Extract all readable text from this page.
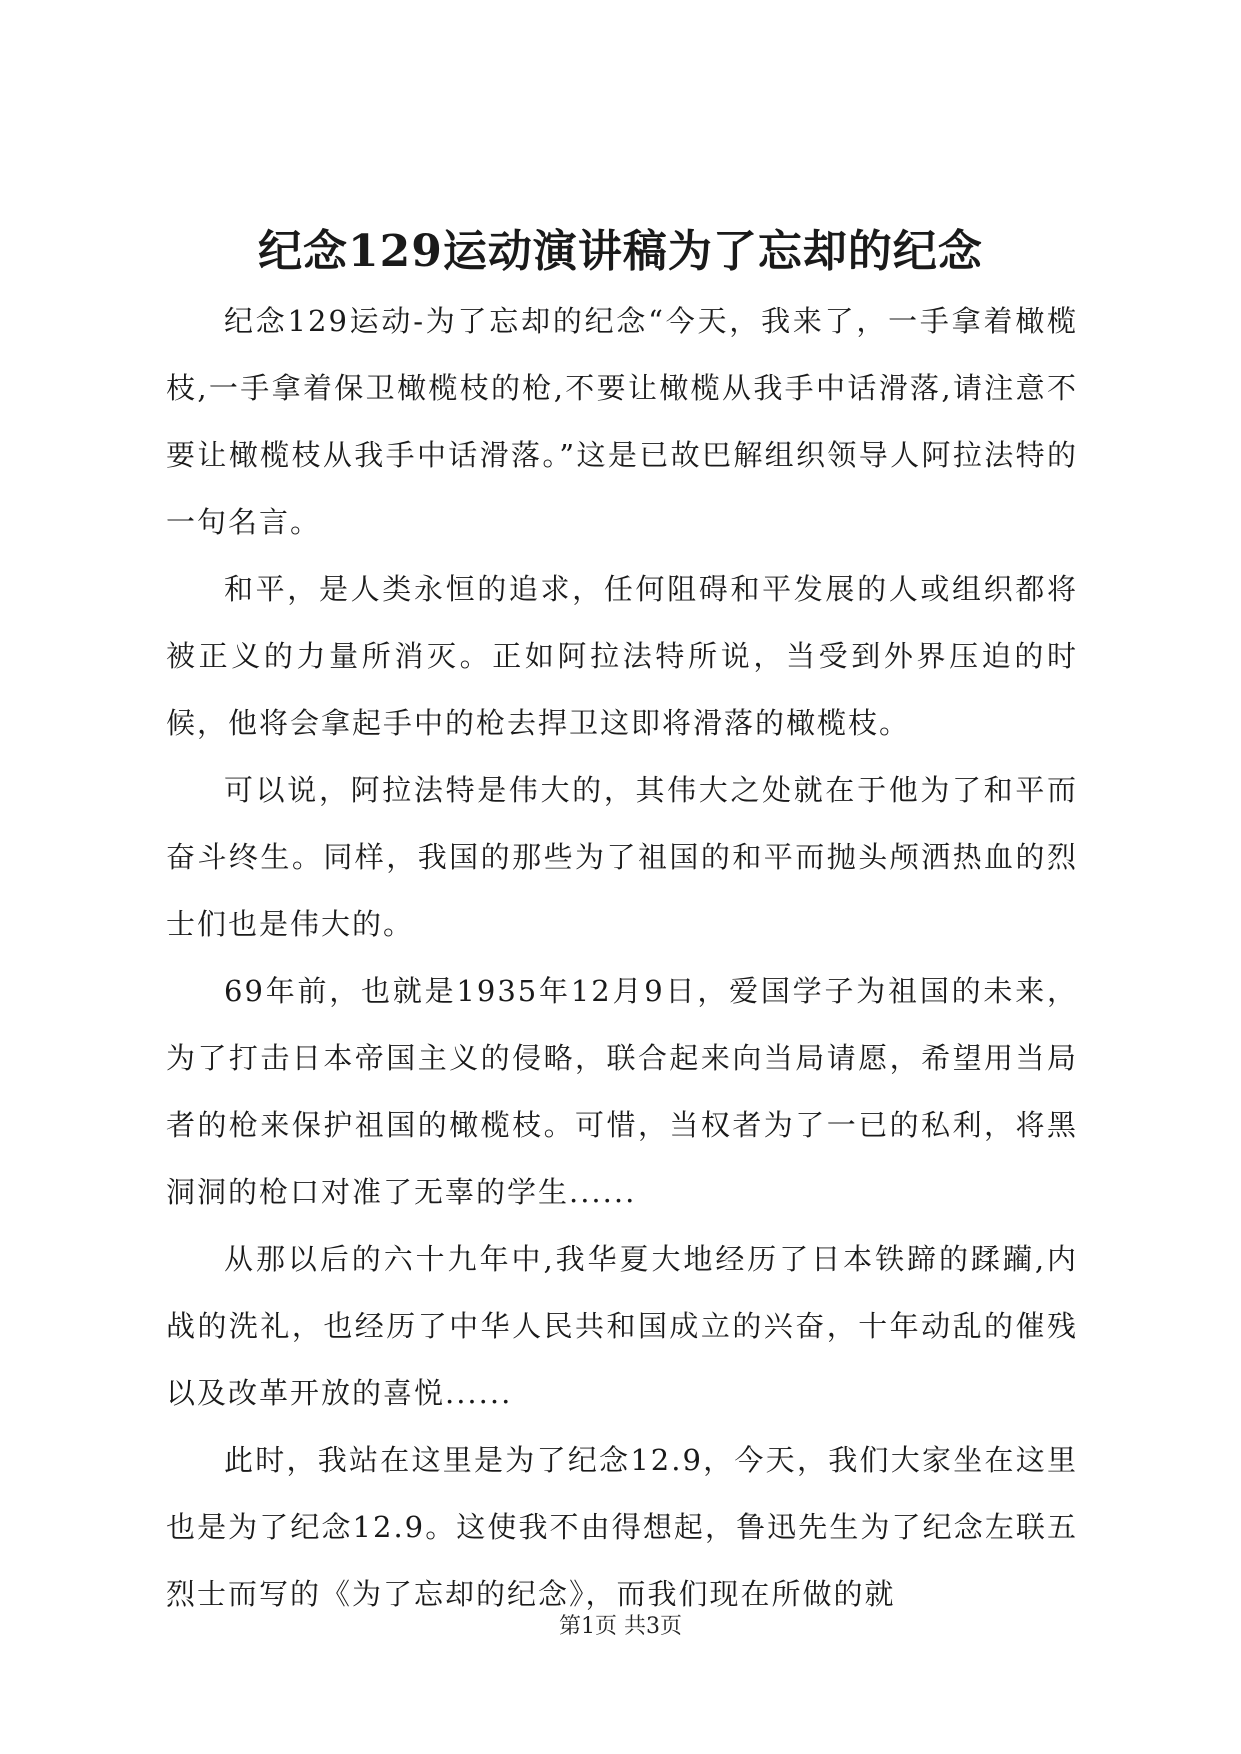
纪念129运动演讲稿为了忘却的纪念

纪念129运动-为了忘却的纪念“今天，我来了，一手拿着橄榄枝,一手拿着保卫橄榄枝的枪,不要让橄榄从我手中话滑落,请注意不要让橄榄枝从我手中话滑落。”这是已故巴解组织领导人阿拉法特的一句名言。

和平，是人类永恒的追求，任何阻碍和平发展的人或组织都将被正义的力量所消灭。正如阿拉法特所说，当受到外界压迫的时候，他将会拿起手中的枪去捍卫这即将滑落的橄榄枝。

可以说，阿拉法特是伟大的，其伟大之处就在于他为了和平而奋斗终生。同样，我国的那些为了祖国的和平而抛头颅洒热血的烈士们也是伟大的。

69年前，也就是1935年12月9日，爱国学子为祖国的未来，为了打击日本帝国主义的侵略，联合起来向当局请愿，希望用当局者的枪来保护祖国的橄榄枝。可惜，当权者为了一已的私利，将黑洞洞的枪口对准了无辜的学生......

从那以后的六十九年中,我华夏大地经历了日本铁蹄的蹂躏,内战的洗礼，也经历了中华人民共和国成立的兴奋，十年动乱的催残以及改革开放的喜悦......

此时，我站在这里是为了纪念12.9，今天，我们大家坐在这里也是为了纪念12.9。这使我不由得想起，鲁迅先生为了纪念左联五烈士而写的《为了忘却的纪念》，而我们现在所做的就

第1页 共3页
